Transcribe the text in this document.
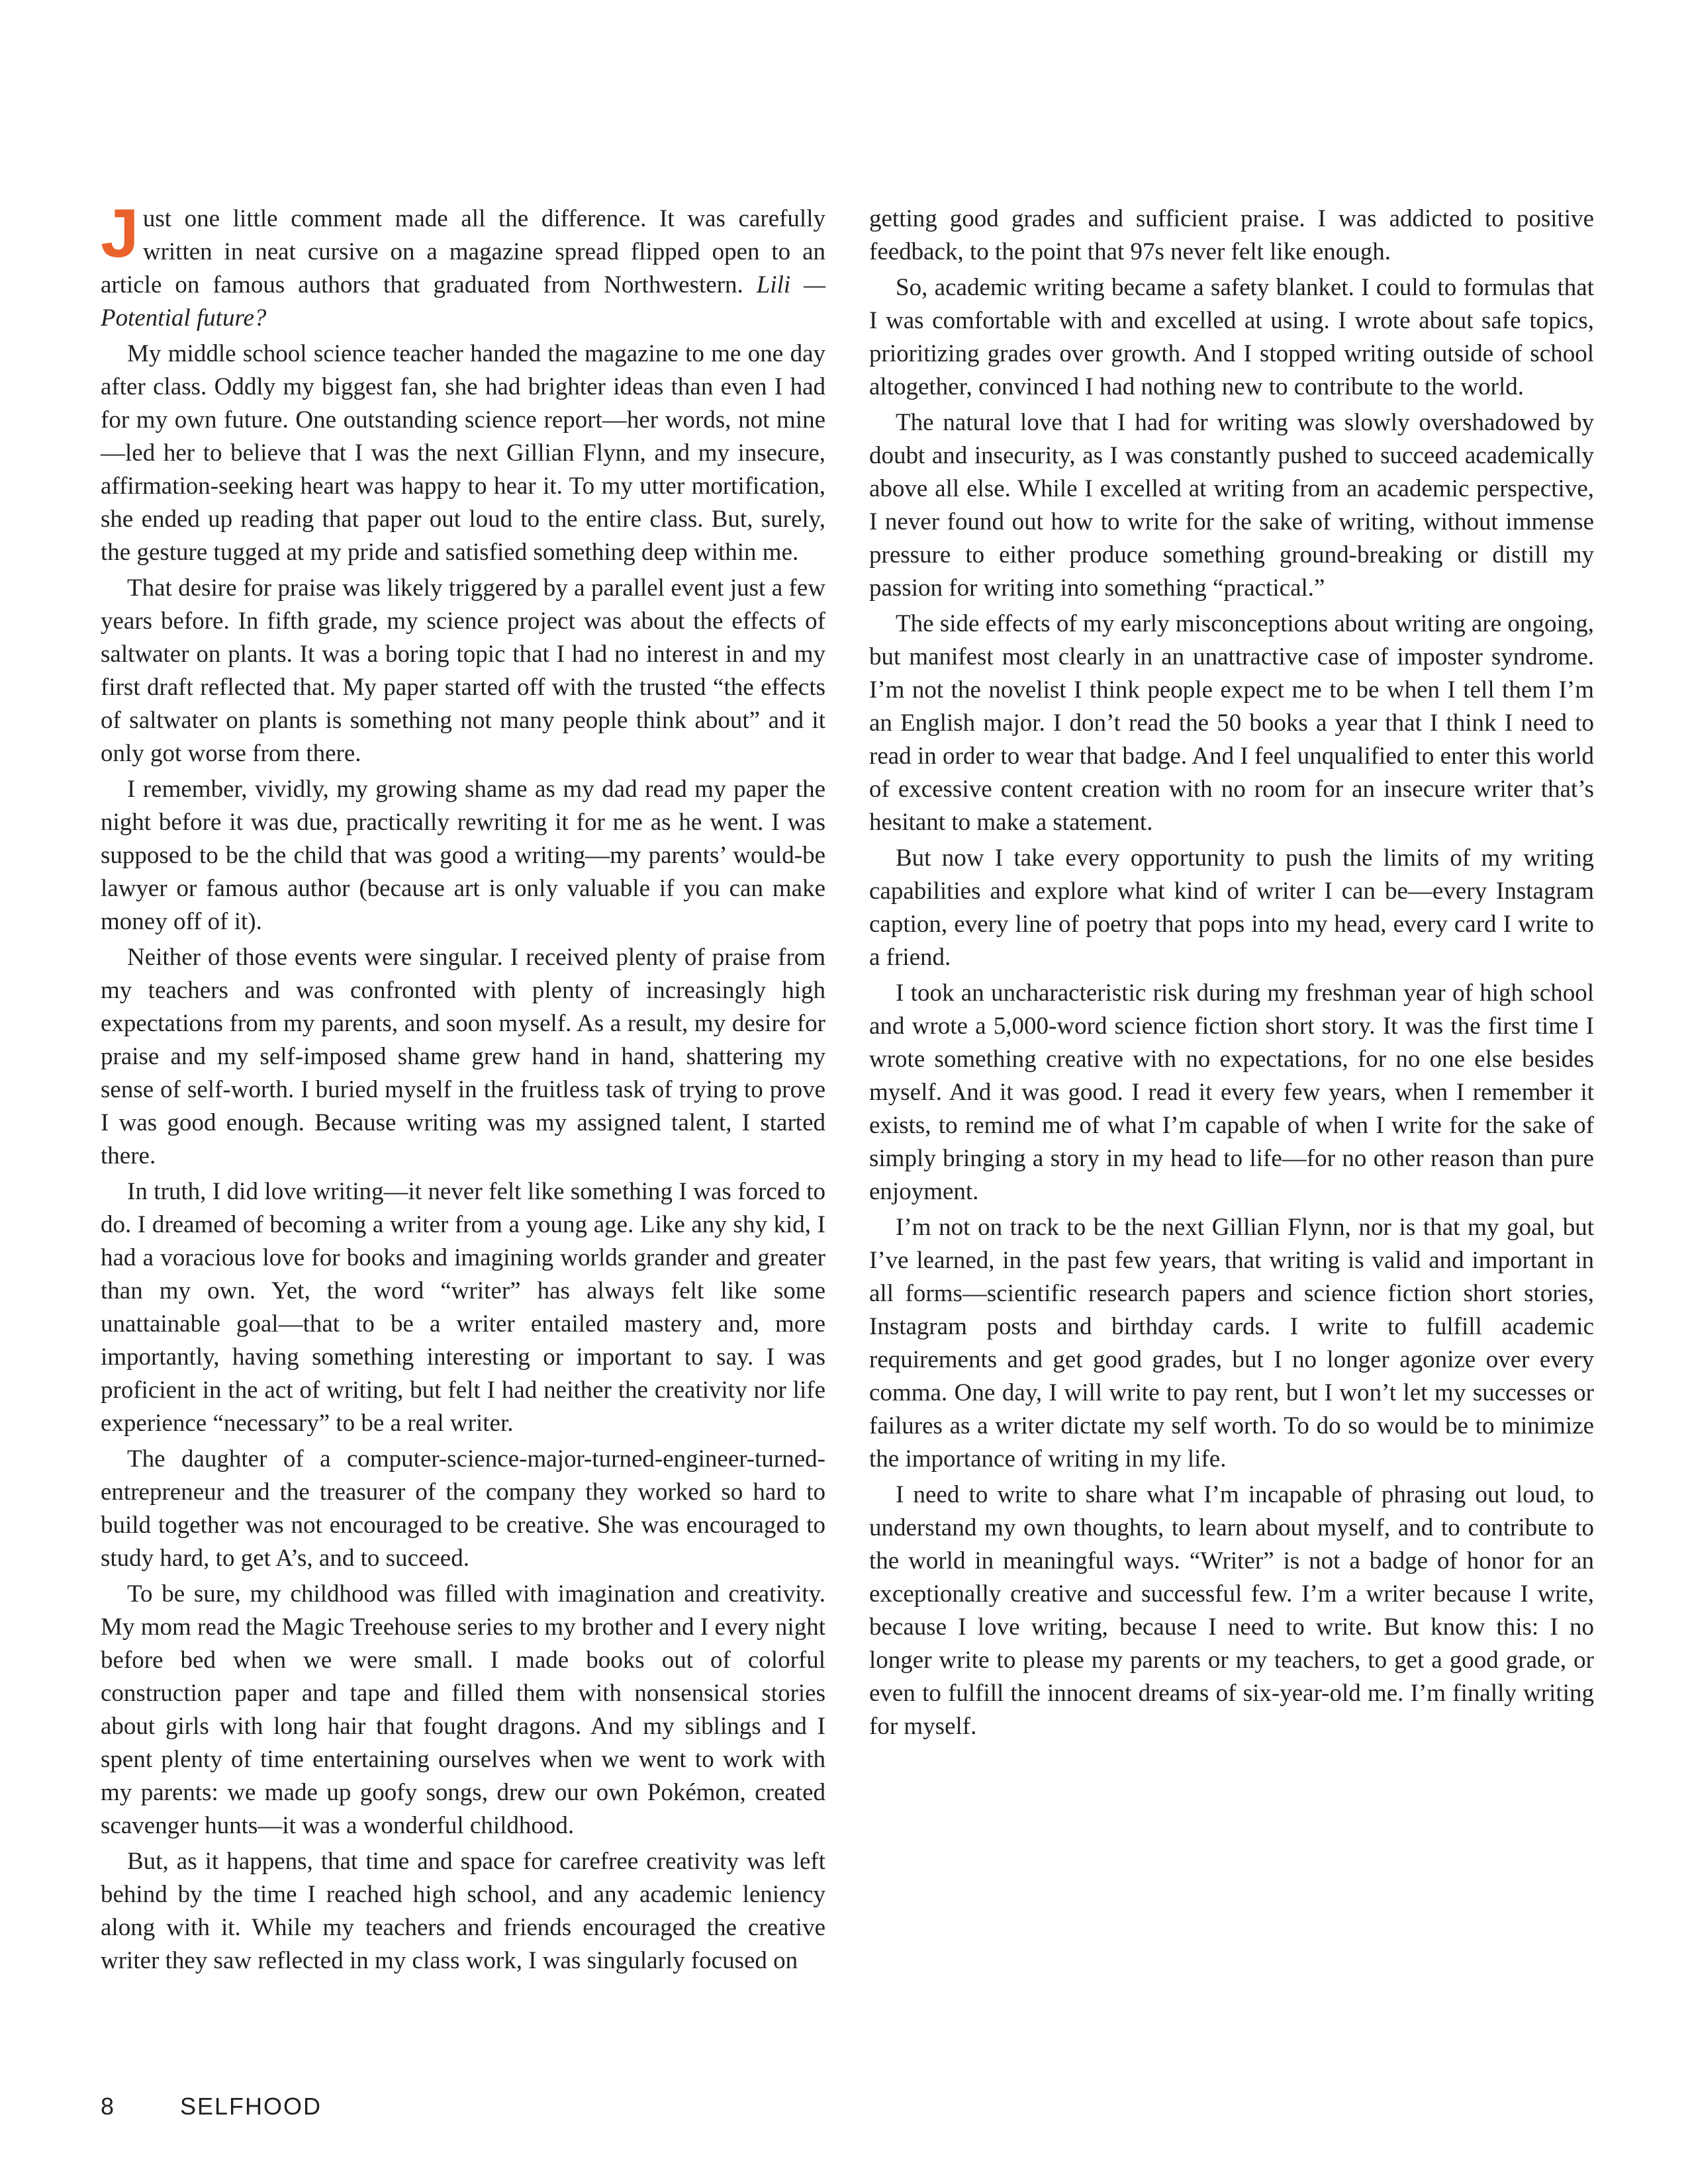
Just one little comment made all the difference. It was carefully written in neat cursive on a magazine spread flipped open to an article on famous authors that graduated from Northwestern. Lili — Potential future?

My middle school science teacher handed the magazine to me one day after class. Oddly my biggest fan, she had brighter ideas than even I had for my own future. One outstanding science report—her words, not mine—led her to believe that I was the next Gillian Flynn, and my insecure, affirmation-seeking heart was happy to hear it. To my utter mortification, she ended up reading that paper out loud to the entire class. But, surely, the gesture tugged at my pride and satisfied something deep within me.

That desire for praise was likely triggered by a parallel event just a few years before. In fifth grade, my science project was about the effects of saltwater on plants. It was a boring topic that I had no interest in and my first draft reflected that. My paper started off with the trusted “the effects of saltwater on plants is something not many people think about” and it only got worse from there.

I remember, vividly, my growing shame as my dad read my paper the night before it was due, practically rewriting it for me as he went. I was supposed to be the child that was good a writing—my parents’ would-be lawyer or famous author (because art is only valuable if you can make money off of it).

Neither of those events were singular. I received plenty of praise from my teachers and was confronted with plenty of increasingly high expectations from my parents, and soon myself. As a result, my desire for praise and my self-imposed shame grew hand in hand, shattering my sense of self-worth. I buried myself in the fruitless task of trying to prove I was good enough. Because writing was my assigned talent, I started there.

In truth, I did love writing—it never felt like something I was forced to do. I dreamed of becoming a writer from a young age. Like any shy kid, I had a voracious love for books and imagining worlds grander and greater than my own. Yet, the word “writer” has always felt like some unattainable goal—that to be a writer entailed mastery and, more importantly, having something interesting or important to say. I was proficient in the act of writing, but felt I had neither the creativity nor life experience “necessary” to be a real writer.

The daughter of a computer-science-major-turned-engineer-turned-entrepreneur and the treasurer of the company they worked so hard to build together was not encouraged to be creative. She was encouraged to study hard, to get A’s, and to succeed.

To be sure, my childhood was filled with imagination and creativity. My mom read the Magic Treehouse series to my brother and I every night before bed when we were small. I made books out of colorful construction paper and tape and filled them with nonsensical stories about girls with long hair that fought dragons. And my siblings and I spent plenty of time entertaining ourselves when we went to work with my parents: we made up goofy songs, drew our own Pokémon, created scavenger hunts—it was a wonderful childhood.

But, as it happens, that time and space for carefree creativity was left behind by the time I reached high school, and any academic leniency along with it. While my teachers and friends encouraged the creative writer they saw reflected in my class work, I was singularly focused on

getting good grades and sufficient praise. I was addicted to positive feedback, to the point that 97s never felt like enough.

So, academic writing became a safety blanket. I could to formulas that I was comfortable with and excelled at using. I wrote about safe topics, prioritizing grades over growth. And I stopped writing outside of school altogether, convinced I had nothing new to contribute to the world.

The natural love that I had for writing was slowly overshadowed by doubt and insecurity, as I was constantly pushed to succeed academically above all else. While I excelled at writing from an academic perspective, I never found out how to write for the sake of writing, without immense pressure to either produce something ground-breaking or distill my passion for writing into something “practical.”

The side effects of my early misconceptions about writing are ongoing, but manifest most clearly in an unattractive case of imposter syndrome. I’m not the novelist I think people expect me to be when I tell them I’m an English major. I don’t read the 50 books a year that I think I need to read in order to wear that badge. And I feel unqualified to enter this world of excessive content creation with no room for an insecure writer that’s hesitant to make a statement.

But now I take every opportunity to push the limits of my writing capabilities and explore what kind of writer I can be—every Instagram caption, every line of poetry that pops into my head, every card I write to a friend.

I took an uncharacteristic risk during my freshman year of high school and wrote a 5,000-word science fiction short story. It was the first time I wrote something creative with no expectations, for no one else besides myself. And it was good. I read it every few years, when I remember it exists, to remind me of what I’m capable of when I write for the sake of simply bringing a story in my head to life—for no other reason than pure enjoyment.

I’m not on track to be the next Gillian Flynn, nor is that my goal, but I’ve learned, in the past few years, that writing is valid and important in all forms—scientific research papers and science fiction short stories, Instagram posts and birthday cards. I write to fulfill academic requirements and get good grades, but I no longer agonize over every comma. One day, I will write to pay rent, but I won’t let my successes or failures as a writer dictate my self worth. To do so would be to minimize the importance of writing in my life.

I need to write to share what I’m incapable of phrasing out loud, to understand my own thoughts, to learn about myself, and to contribute to the world in meaningful ways. “Writer” is not a badge of honor for an exceptionally creative and successful few. I’m a writer because I write, because I love writing, because I need to write. But know this: I no longer write to please my parents or my teachers, to get a good grade, or even to fulfill the innocent dreams of six-year-old me. I’m finally writing for myself.

8	SELFHOOD
